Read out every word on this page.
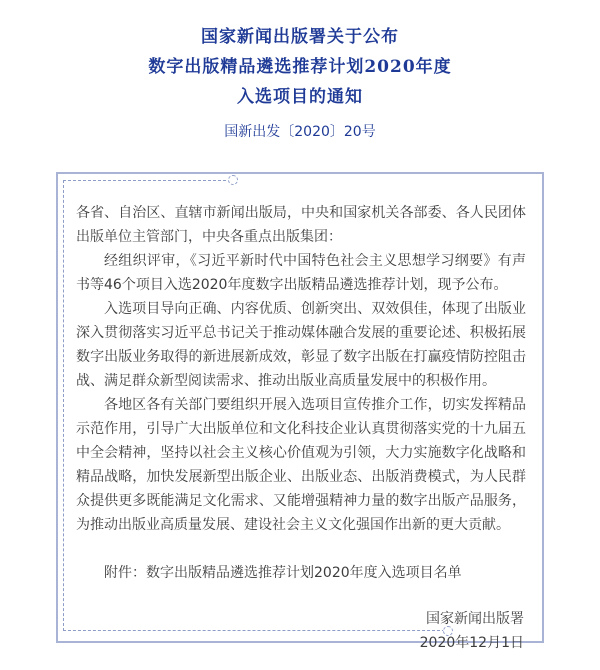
国家新闻出版署关于公布
数字出版精品遴选推荐计划2020年度
入选项目的通知
国新出发〔2020〕20号

各省、自治区、直辖市新闻出版局，中央和国家机关各部委、各人民团体出版单位主管部门，中央各重点出版集团：

经组织评审，《习近平新时代中国特色社会主义思想学习纲要》有声书等46个项目入选2020年度数字出版精品遴选推荐计划，现予公布。

入选项目导向正确、内容优质、创新突出、双效俱佳，体现了出版业深入贯彻落实习近平总书记关于推动媒体融合发展的重要论述、积极拓展数字出版业务取得的新进展新成效，彰显了数字出版在打赢疫情防控阻击战、满足群众新型阅读需求、推动出版业高质量发展中的积极作用。

各地区各有关部门要组织开展入选项目宣传推介工作，切实发挥精品示范作用，引导广大出版单位和文化科技企业认真贯彻落实党的十九届五中全会精神，坚持以社会主义核心价值观为引领，大力实施数字化战略和精品战略，加快发展新型出版企业、出版业态、出版消费模式，为人民群众提供更多既能满足文化需求、又能增强精神力量的数字出版产品服务，为推动出版业高质量发展、建设社会主义文化强国作出新的更大贡献。

附件：数字出版精品遴选推荐计划2020年度入选项目名单

国家新闻出版署

2020年12月1日
